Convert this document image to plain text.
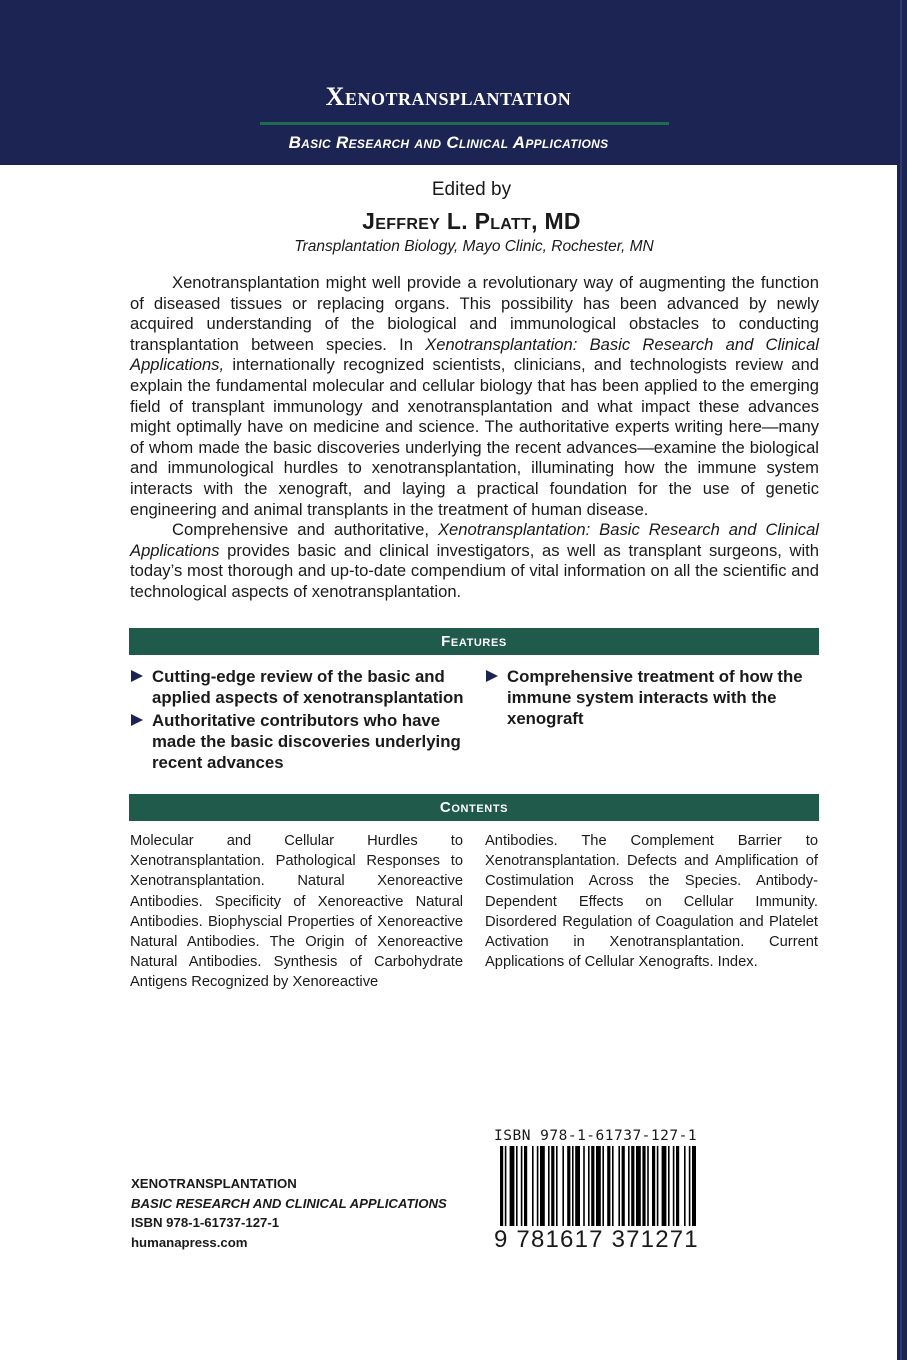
Xenotransplantation
Basic Research and Clinical Applications
Edited by
Jeffrey L. Platt, MD
Transplantation Biology, Mayo Clinic, Rochester, MN

Xenotransplantation might well provide a revolutionary way of augmenting the function of diseased tissues or replacing organs. This possibility has been advanced by newly acquired understanding of the biological and immunological obstacles to conducting transplantation between species. In Xenotransplantation: Basic Research and Clinical Applications, internationally recognized scientists, clinicians, and technologists review and explain the fundamental molecular and cellular biology that has been applied to the emerging field of transplant immunology and xenotransplantation and what impact these advances might optimally have on medicine and science. The authoritative experts writing here—many of whom made the basic discoveries underlying the recent advances—examine the biological and immunological hurdles to xenotransplantation, illuminating how the immune system interacts with the xenograft, and laying a practical foundation for the use of genetic engineering and animal transplants in the treatment of human disease.

Comprehensive and authoritative, Xenotransplantation: Basic Research and Clinical Applications provides basic and clinical investigators, as well as transplant surgeons, with today’s most thorough and up-to-date compendium of vital information on all the scientific and technological aspects of xenotransplantation.

Features
Cutting-edge review of the basic and applied aspects of xenotransplantation
Authoritative contributors who have made the basic discoveries underlying recent advances
Comprehensive treatment of how the immune system interacts with the xenograft
Contents
Molecular and Cellular Hurdles to Xenotransplantation. Pathological Responses to Xenotransplantation. Natural Xenoreactive Antibodies. Specificity of Xenoreactive Natural Antibodies. Biophyscial Properties of Xenoreactive Natural Antibodies. The Origin of Xenoreactive Natural Antibodies. Synthesis of Carbohydrate Antigens Recognized by Xenoreactive
Antibodies. The Complement Barrier to Xenotransplantation. Defects and Amplification of Costimulation Across the Species. Antibody-Dependent Effects on Cellular Immunity. Disordered Regulation of Coagulation and Platelet Activation in Xenotransplantation. Current Applications of Cellular Xenografts. Index.
ISBN 978-1-61737-127-1
9 781617 371271
XENOTRANSPLANTATION
BASIC RESEARCH AND CLINICAL APPLICATIONS
ISBN 978-1-61737-127-1
humanapress.com
